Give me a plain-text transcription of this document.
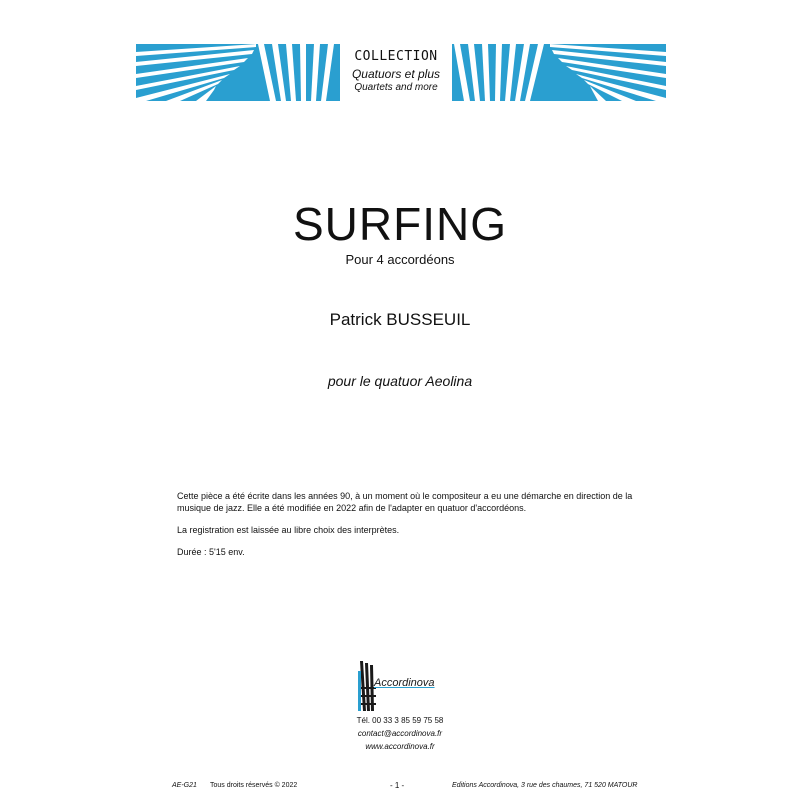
COLLECTION
Quatuors et plus
Quartets and more
SURFING
Pour 4 accordéons
Patrick BUSSEUIL
pour le quatuor Aeolina

Cette pièce a été écrite dans les années 90, à un moment où le compositeur a eu une démarche en direction de la musique de jazz. Elle a été modifiée en 2022 afin de l'adapter en quatuor d'accordéons.

La registration est laissée au libre choix des interprètes.

Durée : 5'15 env.

Accordinova
Tél. 00 33 3 85 59 75 58
contact@accordinova.fr
www.accordinova.fr
AE-G21 Tous droits réservés © 2022	- 1 -	Editions Accordinova, 3 rue des chaumes, 71 520 MATOUR
